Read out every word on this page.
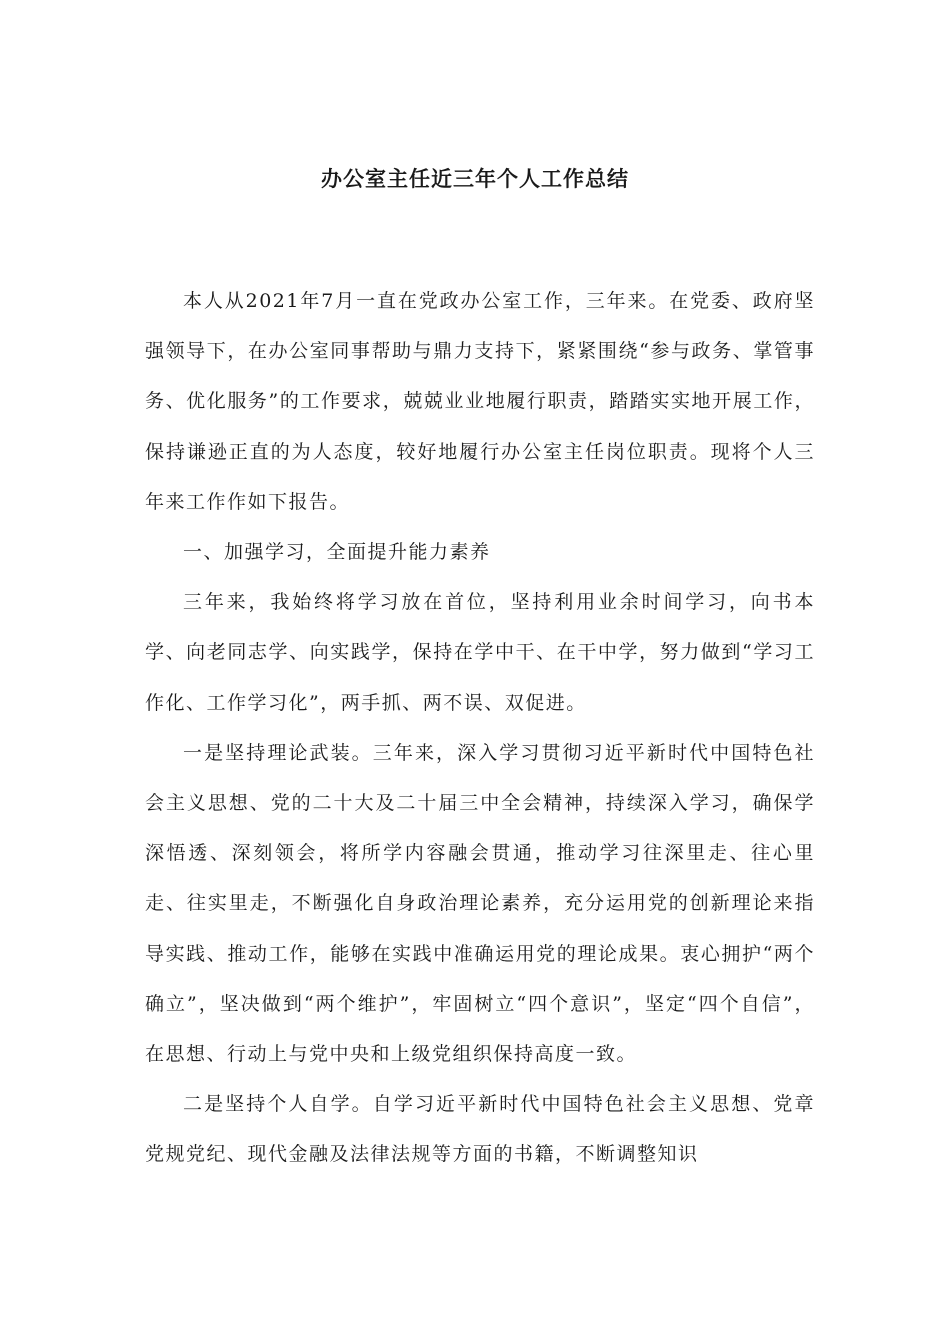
办公室主任近三年个人工作总结

本人从2021年7月一直在党政办公室工作，三年来。在党委、政府坚强领导下，在办公室同事帮助与鼎力支持下，紧紧围绕“参与政务、掌管事务、优化服务”的工作要求，兢兢业业地履行职责，踏踏实实地开展工作，保持谦逊正直的为人态度，较好地履行办公室主任岗位职责。现将个人三年来工作作如下报告。

一、加强学习，全面提升能力素养

三年来，我始终将学习放在首位，坚持利用业余时间学习，向书本学、向老同志学、向实践学，保持在学中干、在干中学，努力做到“学习工作化、工作学习化”，两手抓、两不误、双促进。

一是坚持理论武装。三年来，深入学习贯彻习近平新时代中国特色社会主义思想、党的二十大及二十届三中全会精神，持续深入学习，确保学深悟透、深刻领会，将所学内容融会贯通，推动学习往深里走、往心里走、往实里走，不断强化自身政治理论素养，充分运用党的创新理论来指导实践、推动工作，能够在实践中准确运用党的理论成果。衷心拥护“两个确立”，坚决做到“两个维护”，牢固树立“四个意识”，坚定“四个自信”，在思想、行动上与党中央和上级党组织保持高度一致。

二是坚持个人自学。自学习近平新时代中国特色社会主义思想、党章党规党纪、现代金融及法律法规等方面的书籍，不断调整知识
